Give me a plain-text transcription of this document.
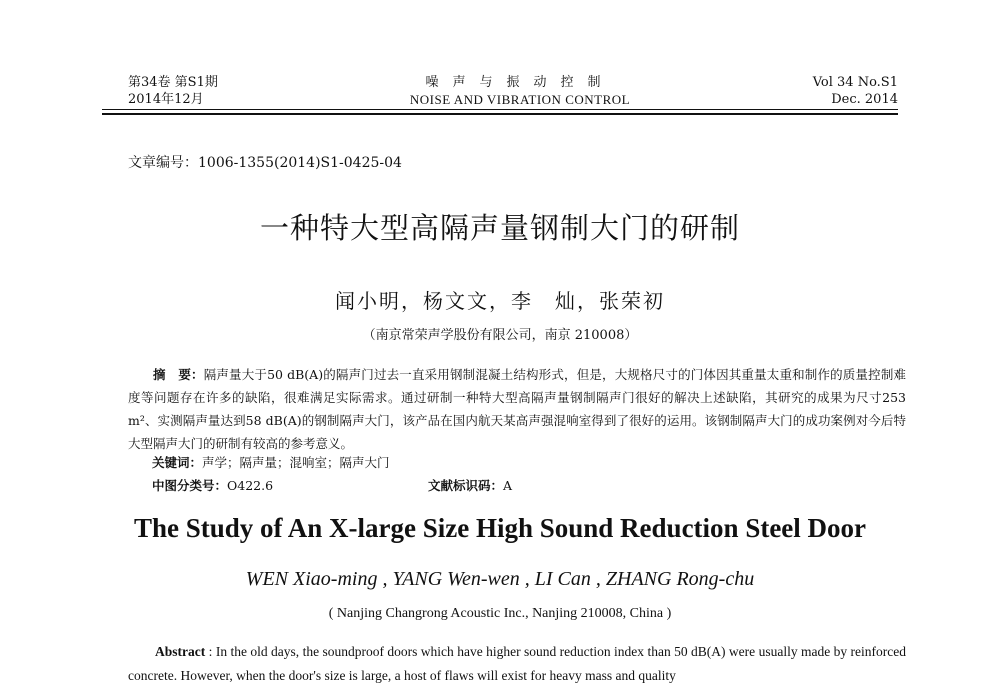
第34卷 第S1期
2014年12月
噪声与振动控制
NOISE AND VIBRATION CONTROL
Vol 34 No.S1
Dec. 2014
文章编号：1006-1355(2014)S1-0425-04
一种特大型高隔声量钢制大门的研制
闻小明，杨文文，李　灿，张荣初
（南京常荣声学股份有限公司，南京 210008）
摘　要：隔声量大于50 dB(A)的隔声门过去一直采用钢制混凝土结构形式，但是，大规格尺寸的门体因其重量太重和制作的质量控制难度等问题存在许多的缺陷，很难满足实际需求。通过研制一种特大型高隔声量钢制隔声门很好的解决上述缺陷，其研究的成果为尺寸253 m²、实测隔声量达到58 dB(A)的钢制隔声大门，该产品在国内航天某高声强混响室得到了很好的运用。该钢制隔声大门的成功案例对今后特大型隔声大门的研制有较高的参考意义。
关键词：声学；隔声量；混响室；隔声大门
中图分类号：O422.6	文献标识码：A
The Study of An X-large Size High Sound Reduction Steel Door
WEN Xiao-ming , YANG Wen-wen , LI Can , ZHANG Rong-chu
( Nanjing Changrong Acoustic Inc., Nanjing 210008, China )
Abstract : In the old days, the soundproof doors which have higher sound reduction index than 50 dB(A) were usually made by reinforced concrete. However, when the door's size is large, a host of flaws will exist for heavy mass and quality
